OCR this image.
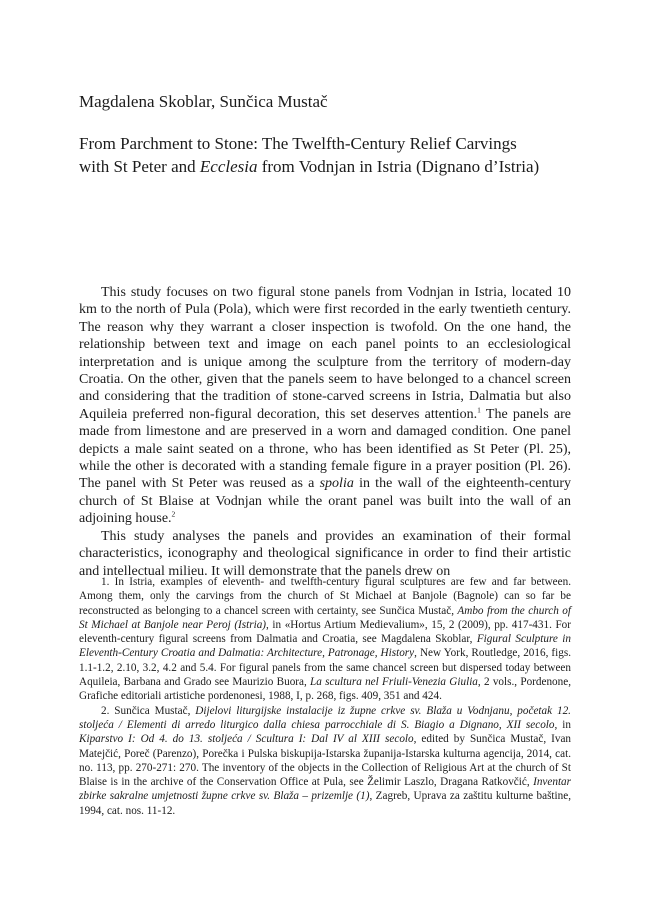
Magdalena Skoblar, Sunčica Mustač
From Parchment to Stone: The Twelfth-Century Relief Carvings
with St Peter and Ecclesia from Vodnjan in Istria (Dignano d’Istria)

This study focuses on two figural stone panels from Vodnjan in Istria, located 10 km to the north of Pula (Pola), which were first recorded in the early twentieth century. The reason why they warrant a closer inspection is twofold. On the one hand, the relationship between text and image on each panel points to an ecclesiological interpretation and is unique among the sculpture from the territory of modern-day Croatia. On the other, given that the panels seem to have belonged to a chancel screen and considering that the tradition of stone-carved screens in Istria, Dalmatia but also Aquileia preferred non-figural decoration, this set deserves attention.$^1$ The panels are made from limestone and are preserved in a worn and damaged condition. One panel depicts a male saint seated on a throne, who has been identified as St Peter (Pl. 25), while the other is decorated with a standing female figure in a prayer position (Pl. 26). The panel with St Peter was reused as a spolia in the wall of the eighteenth-century church of St Blaise at Vodnjan while the orant panel was built into the wall of an adjoining house.$^2$

This study analyses the panels and provides an examination of their formal characteristics, iconography and theological significance in order to find their artistic and intellectual milieu. It will demonstrate that the panels drew on

1. In Istria, examples of eleventh- and twelfth-century figural sculptures are few and far between. Among them, only the carvings from the church of St Michael at Banjole (Bagnole) can so far be reconstructed as belonging to a chancel screen with certainty, see Sunčica Mustač, Ambo from the church of St Michael at Banjole near Peroj (Istria), in «Hortus Artium Medievalium», 15, 2 (2009), pp. 417-431. For eleventh-century figural screens from Dalmatia and Croatia, see Magdalena Skoblar, Figural Sculpture in Eleventh-Century Croatia and Dalmatia: Architecture, Patronage, History, New York, Routledge, 2016, figs. 1.1-1.2, 2.10, 3.2, 4.2 and 5.4. For figural panels from the same chancel screen but dispersed today between Aquileia, Barbana and Grado see Maurizio Buora, La scultura nel Friuli-Venezia Giulia, 2 vols., Pordenone, Grafiche editoriali artistiche pordenonesi, 1988, I, p. 268, figs. 409, 351 and 424.

2. Sunčica Mustač, Dijelovi liturgijske instalacije iz župne crkve sv. Blaža u Vodnjanu, početak 12. stoljeća / Elementi di arredo liturgico dalla chiesa parrocchiale di S. Biagio a Dignano, XII secolo, in Kiparstvo I: Od 4. do 13. stoljeća / Scultura I: Dal IV al XIII secolo, edited by Sunčica Mustač, Ivan Matejčić, Poreč (Parenzo), Porečka i Pulska biskupija-Istarska županija-Istarska kulturna agencija, 2014, cat. no. 113, pp. 270-271: 270. The inventory of the objects in the Collection of Religious Art at the church of St Blaise is in the archive of the Conservation Office at Pula, see Želimir Laszlo, Dragana Ratkovčić, Inventar zbirke sakralne umjetnosti župne crkve sv. Blaža – prizemlje (1), Zagreb, Uprava za zaštitu kulturne baštine, 1994, cat. nos. 11-12.
